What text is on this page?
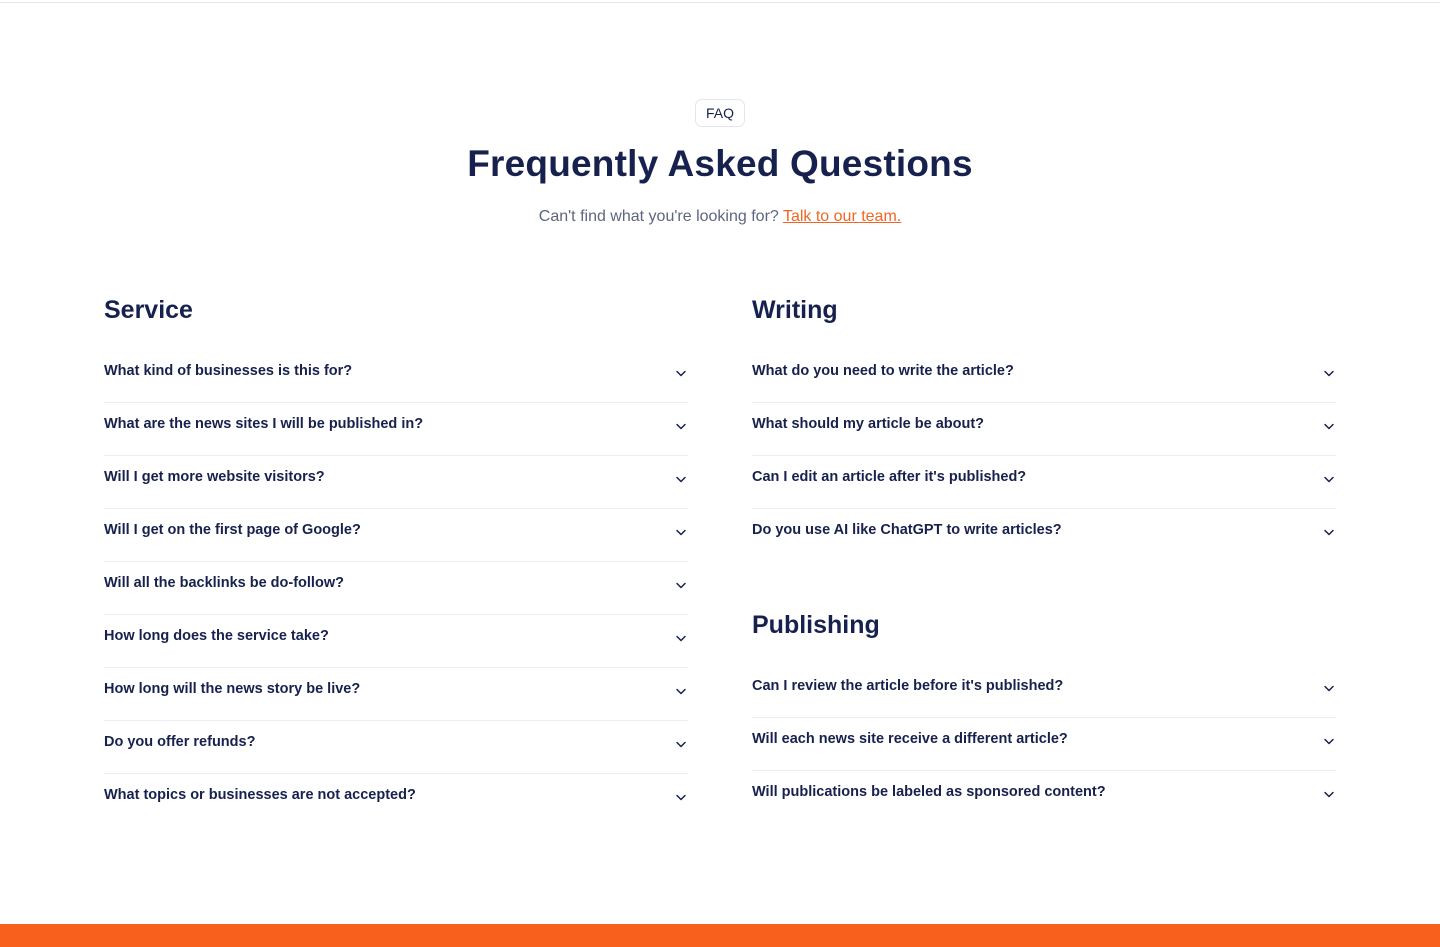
FAQ
Frequently Asked Questions

Can't find what you're looking for? Talk to our team.

Service
What kind of businesses is this for?
What are the news sites I will be published in?
Will I get more website visitors?
Will I get on the first page of Google?
Will all the backlinks be do-follow?
How long does the service take?
How long will the news story be live?
Do you offer refunds?
What topics or businesses are not accepted?
Writing
What do you need to write the article?
What should my article be about?
Can I edit an article after it's published?
Do you use AI like ChatGPT to write articles?
Publishing
Can I review the article before it's published?
Will each news site receive a different article?
Will publications be labeled as sponsored content?
